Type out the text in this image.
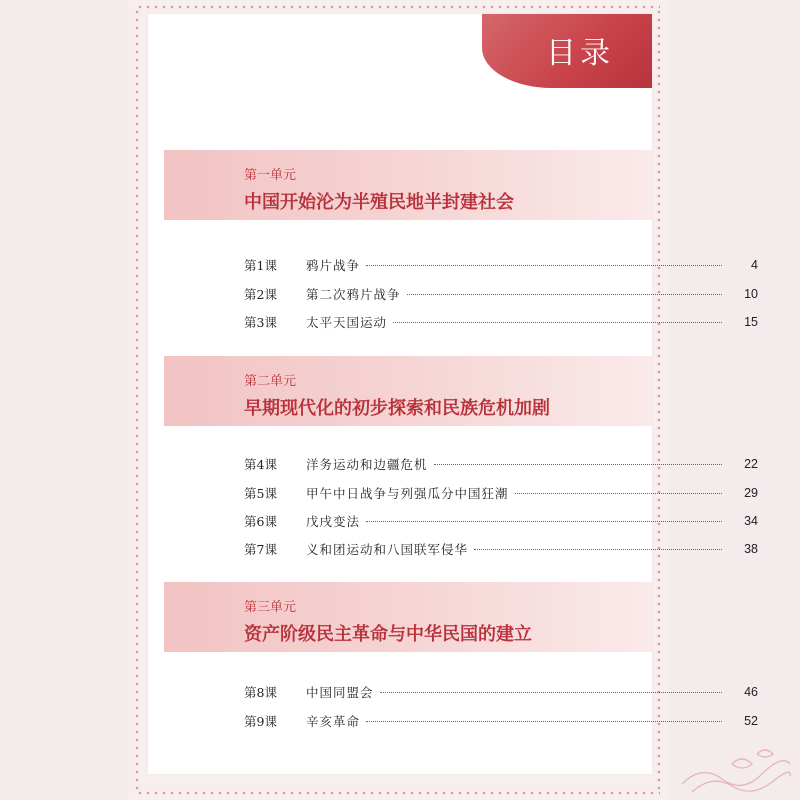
目录
第一单元
中国开始沦为半殖民地半封建社会
第1课	鸦片战争	4
第2课	第二次鸦片战争	10
第3课	太平天国运动	15
第二单元
早期现代化的初步探索和民族危机加剧
第4课	洋务运动和边疆危机	22
第5课	甲午中日战争与列强瓜分中国狂潮	29
第6课	戊戌变法	34
第7课	义和团运动和八国联军侵华	38
第三单元
资产阶级民主革命与中华民国的建立
第8课	中国同盟会	46
第9课	辛亥革命	52
